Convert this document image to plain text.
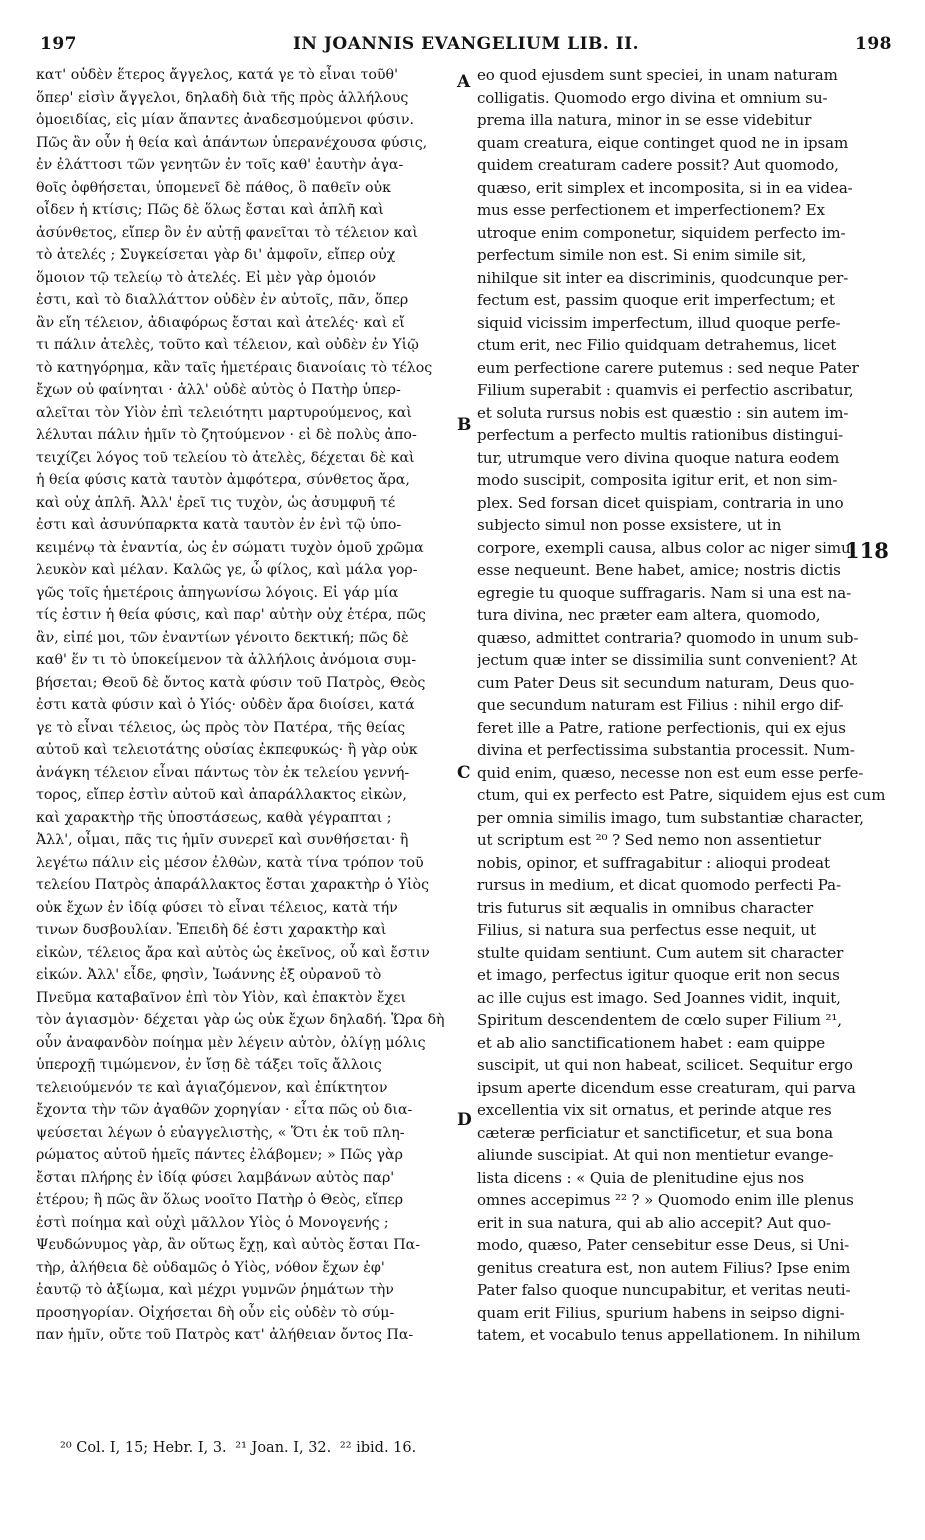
197	IN JOANNIS EVANGELIUM LIB. II.	198
κατ' οὐδὲν ἕτερος ἄγγελος, κατά γε τὸ εἶναι τοῦθ'
ὅπερ' εἰσὶν ἄγγελοι, δηλαδὴ διὰ τῆς πρὸς ἀλλήλους
ὁμοειδίας, εἰς μίαν ἅπαντες ἀναδεσμούμενοι φύσιν.
Πῶς ἂν οὖν ἡ θεία καὶ ἁπάντων ὑπερανέχουσα φύσις,
ἐν ἐλάττοσι τῶν γενητῶν ἐν τοῖς καθ' ἑαυτὴν ἀγα-
θοῖς ὀφθήσεται, ὑπομενεῖ δὲ πάθος, ὃ παθεῖν οὐκ
οἶδεν ἡ κτίσις; Πῶς δὲ ὅλως ἔσται καὶ ἁπλῆ καὶ
ἀσύνθετος, εἴπερ ὂν ἐν αὐτῇ φανεῖται τὸ τέλειον καὶ
τὸ ἀτελές ; Συγκείσεται γὰρ δι' ἀμφοῖν, εἴπερ οὐχ
ὅμοιον τῷ τελείῳ τὸ ἀτελές. Εἰ μὲν γὰρ ὁμοιόν
ἐστι, καὶ τὸ διαλλάττον οὐδὲν ἐν αὐτοῖς, πᾶν, ὅπερ
ἂν εἴη τέλειον, ἀδιαφόρως ἔσται καὶ ἀτελές· καὶ εἴ
τι πάλιν ἀτελὲς, τοῦτο καὶ τέλειον, καὶ οὐδὲν ἐν Υἱῷ
τὸ κατηγόρημα, κἂν ταῖς ἡμετέραις διανοίαις τὸ τέλος
ἔχων οὐ φαίνηται · ἀλλ' οὐδὲ αὐτὸς ὁ Πατὴρ ὑπερ-
αλεῖται τὸν Υἱὸν ἐπὶ τελειότητι μαρτυρούμενος, καὶ
λέλυται πάλιν ἡμῖν τὸ ζητούμενον · εἰ δὲ πολὺς ἀπο-
τειχίζει λόγος τοῦ τελείου τὸ ἀτελὲς, δέχεται δὲ καὶ
ἡ θεία φύσις κατὰ ταυτὸν ἀμφότερα, σύνθετος ἄρα,
καὶ οὐχ ἁπλῆ. Ἀλλ' ἐρεῖ τις τυχὸν, ὡς ἀσυμφυῆ τέ
ἐστι καὶ ἀσυνύπαρκτα κατὰ ταυτὸν ἐν ἑνὶ τῷ ὑπο-
κειμένῳ τὰ ἐναντία, ὡς ἐν σώματι τυχὸν ὁμοῦ χρῶμα
λευκὸν καὶ μέλαν. Καλῶς γε, ὦ φίλος, καὶ μάλα γορ-
γῶς τοῖς ἡμετέροις ἀπηγωνίσω λόγοις. Εἰ γάρ μία
τίς ἐστιν ἡ θεία φύσις, καὶ παρ' αὐτὴν οὐχ ἑτέρα, πῶς
ἂν, εἰπέ μοι, τῶν ἐναντίων γένοιτο δεκτική; πῶς δὲ
καθ' ἕν τι τὸ ὑποκείμενον τὰ ἀλλήλοις ἀνόμοια συμ-
βήσεται; Θεοῦ δὲ ὄντος κατὰ φύσιν τοῦ Πατρὸς, Θεὸς
ἐστι κατὰ φύσιν καὶ ὁ Υἱός· οὐδὲν ἄρα διοίσει, κατά
γε τὸ εἶναι τέλειος, ὡς πρὸς τὸν Πατέρα, τῆς θείας
αὐτοῦ καὶ τελειοτάτης οὐσίας ἐκπεφυκώς· ἢ γὰρ οὐκ
ἀνάγκη τέλειον εἶναι πάντως τὸν ἐκ τελείου γεννή-
τορος, εἴπερ ἐστὶν αὐτοῦ καὶ ἀπαράλλακτος εἰκὼν,
καὶ χαρακτὴρ τῆς ὑποστάσεως, καθὰ γέγραπται ;
Ἀλλ', οἶμαι, πᾶς τις ἡμῖν συνερεῖ καὶ συνθήσεται· ἢ
λεγέτω πάλιν εἰς μέσον ἐλθὼν, κατὰ τίνα τρόπον τοῦ
τελείου Πατρὸς ἀπαράλλακτος ἔσται χαρακτὴρ ὁ Υἱὸς
οὐκ ἔχων ἐν ἰδίᾳ φύσει τὸ εἶναι τέλειος, κατὰ τήν
τινων δυσβουλίαν. Ἐπειδὴ δέ ἐστι χαρακτὴρ καὶ
εἰκὼν, τέλειος ἄρα καὶ αὐτὸς ὡς ἐκεῖνος, οὗ καὶ ἔστιν
εἰκών. Ἀλλ' εἶδε, φησὶν, Ἰωάννης ἐξ οὐρανοῦ τὸ
Πνεῦμα καταβαῖνον ἐπὶ τὸν Υἱὸν, καὶ ἐπακτὸν ἔχει
τὸν ἁγιασμὸν· δέχεται γὰρ ὡς οὐκ ἔχων δηλαδή. Ὥρα δὴ
οὖν ἀναφανδὸν ποίημα μὲν λέγειν αὐτὸν, ὀλίγῃ μόλις
ὑπεροχῇ τιμώμενον, ἐν ἴσῃ δὲ τάξει τοῖς ἄλλοις
τελειούμενόν τε καὶ ἁγιαζόμενον, καὶ ἐπίκτητον
ἔχοντα τὴν τῶν ἀγαθῶν χορηγίαν · εἶτα πῶς οὐ δια-
ψεύσεται λέγων ὁ εὐαγγελιστὴς, « Ὅτι ἐκ τοῦ πλη-
ρώματος αὐτοῦ ἡμεῖς πάντες ἐλάβομεν; » Πῶς γὰρ
ἔσται πλήρης ἐν ἰδίᾳ φύσει λαμβάνων αὐτὸς παρ'
ἑτέρου; ἢ πῶς ἂν ὅλως νοοῖτο Πατὴρ ὁ Θεὸς, εἴπερ
ἐστὶ ποίημα καὶ οὐχὶ μᾶλλον Υἱὸς ὁ Μονογενής ;
Ψευδώνυμος γὰρ, ἂν οὕτως ἔχῃ, καὶ αὐτὸς ἔσται Πα-
τὴρ, ἀλήθεια δὲ οὐδαμῶς ὁ Υἱὸς, νόθον ἔχων ἐφ'
ἑαυτῷ τὸ ἀξίωμα, καὶ μέχρι γυμνῶν ῥημάτων τὴν
προσηγορίαν. Οἰχήσεται δὴ οὖν εἰς οὐδὲν τὸ σύμ-
παν ἡμῖν, οὔτε τοῦ Πατρὸς κατ' ἀλήθειαν ὄντος Πα-
eo quod ejusdem sunt speciei, in unam naturam
colligatis. Quomodo ergo divina et omnium su-
prema illa natura, minor in se esse videbitur
quam creatura, eique continget quod ne in ipsam
quidem creaturam cadere possit? Aut quomodo,
quæso, erit simplex et incomposita, si in ea videa-
mus esse perfectionem et imperfectionem? Ex
utroque enim componetur, siquidem perfecto im-
perfectum simile non est. Si enim simile sit,
nihilque sit inter ea discriminis, quodcunque per-
fectum est, passim quoque erit imperfectum; et
siquid vicissim imperfectum, illud quoque perfe-
ctum erit, nec Filio quidquam detrahemus, licet
eum perfectione carere putemus : sed neque Pater
Filium superabit : quamvis ei perfectio ascribatur,
et soluta rursus nobis est quæstio : sin autem im-
perfectum a perfecto multis rationibus distingui-
tur, utrumque vero divina quoque natura eodem
modo suscipit, composita igitur erit, et non sim-
plex. Sed forsan dicet quispiam, contraria in uno
subjecto simul non posse exsistere, ut in
corpore, exempli causa, albus color ac niger simul
esse nequeunt. Bene habet, amice; nostris dictis
egregie tu quoque suffragaris. Nam si una est na-
tura divina, nec præter eam altera, quomodo,
quæso, admittet contraria? quomodo in unum sub-
jectum quæ inter se dissimilia sunt convenient? At
cum Pater Deus sit secundum naturam, Deus quo-
que secundum naturam est Filius : nihil ergo dif-
feret ille a Patre, ratione perfectionis, qui ex ejus
divina et perfectissima substantia processit. Num-
quid enim, quæso, necesse non est eum esse perfe-
ctum, qui ex perfecto est Patre, siquidem ejus est cum
per omnia similis imago, tum substantiæ character,
ut scriptum est ²⁰ ? Sed nemo non assentietur
nobis, opinor, et suffragabitur : alioqui prodeat
rursus in medium, et dicat quomodo perfecti Pa-
tris futurus sit æqualis in omnibus character
Filius, si natura sua perfectus esse nequit, ut
stulte quidam sentiunt. Cum autem sit character
et imago, perfectus igitur quoque erit non secus
ac ille cujus est imago. Sed Joannes vidit, inquit,
Spiritum descendentem de cœlo super Filium ²¹,
et ab alio sanctificationem habet : eam quippe
suscipit, ut qui non habeat, scilicet. Sequitur ergo
ipsum aperte dicendum esse creaturam, qui parva
excellentia vix sit ornatus, et perinde atque res
cæteræ perficiatur et sanctificetur, et sua bona
aliunde suscipiat. At qui non mentietur evange-
lista dicens : « Quia de plenitudine ejus nos
omnes accepimus ²² ? » Quomodo enim ille plenus
erit in sua natura, qui ab alio accepit? Aut quo-
modo, quæso, Pater censebitur esse Deus, si Uni-
genitus creatura est, non autem Filius? Ipse enim
Pater falso quoque nuncupabitur, et veritas neuti-
quam erit Filius, spurium habens in seipso digni-
tatem, et vocabulo tenus appellationem. In nihilum
A
B
C
D
118
²⁰ Col. I, 15; Hebr. I, 3. ²¹ Joan. I, 32. ²² ibid. 16.
